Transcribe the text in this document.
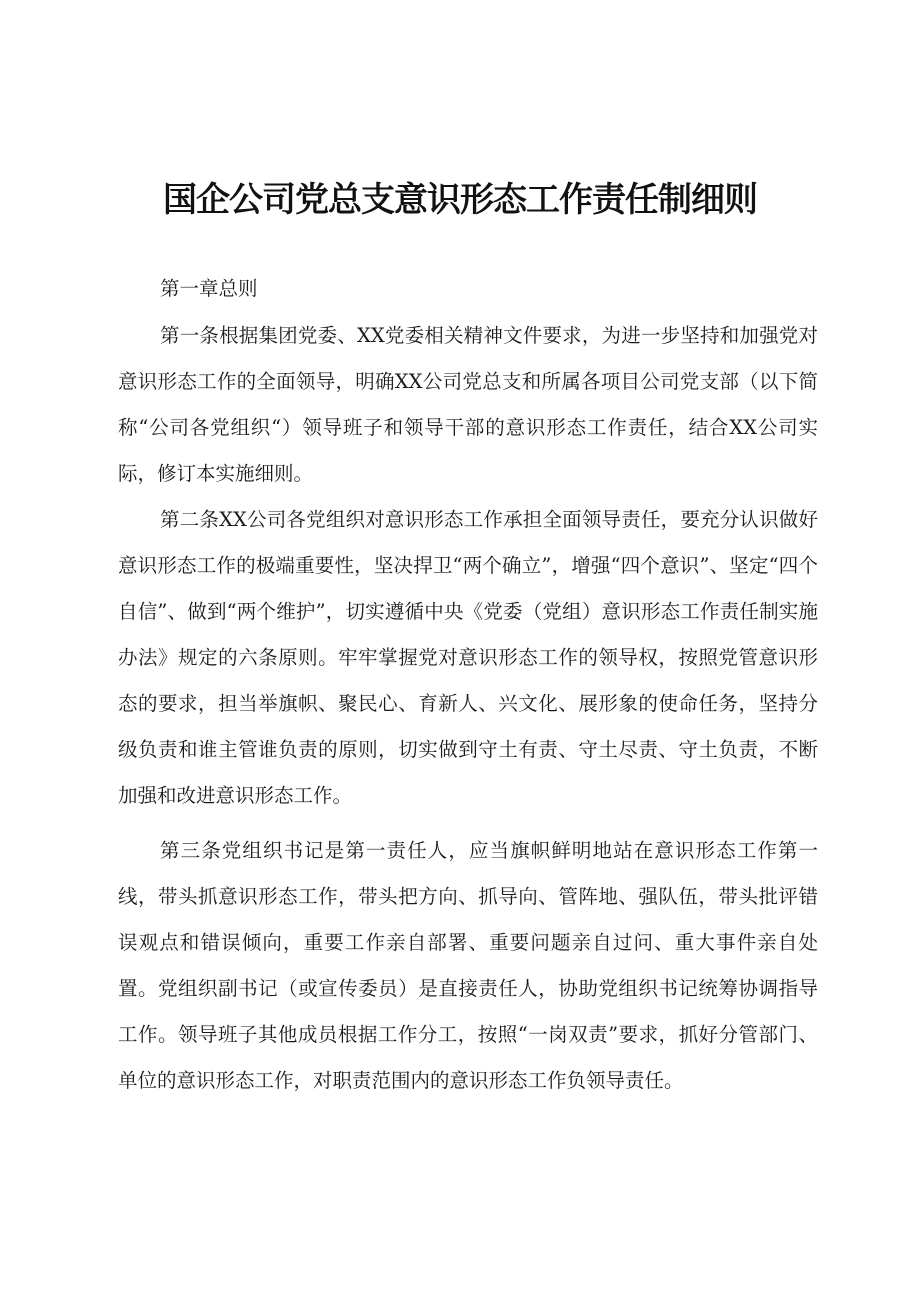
国企公司党总支意识形态工作责任制细则

第一章总则

第一条根据集团党委、XX党委相关精神文件要求，为进一步坚持和加强党对意识形态工作的全面领导，明确XX公司党总支和所属各项目公司党支部（以下简称“公司各党组织“）领导班子和领导干部的意识形态工作责任，结合XX公司实际，修订本实施细则。

第二条XX公司各党组织对意识形态工作承担全面领导责任，要充分认识做好意识形态工作的极端重要性，坚决捍卫“两个确立”，增强“四个意识”、坚定“四个自信”、做到“两个维护”，切实遵循中央《党委（党组）意识形态工作责任制实施办法》规定的六条原则。牢牢掌握党对意识形态工作的领导权，按照党管意识形态的要求，担当举旗帜、聚民心、育新人、兴文化、展形象的使命任务，坚持分级负责和谁主管谁负责的原则，切实做到守土有责、守土尽责、守土负责，不断加强和改进意识形态工作。

第三条党组织书记是第一责任人，应当旗帜鲜明地站在意识形态工作第一线，带头抓意识形态工作，带头把方向、抓导向、管阵地、强队伍，带头批评错误观点和错误倾向，重要工作亲自部署、重要问题亲自过问、重大事件亲自处置。党组织副书记（或宣传委员）是直接责任人，协助党组织书记统筹协调指导工作。领导班子其他成员根据工作分工，按照“一岗双责”要求，抓好分管部门、单位的意识形态工作，对职责范围内的意识形态工作负领导责任。
